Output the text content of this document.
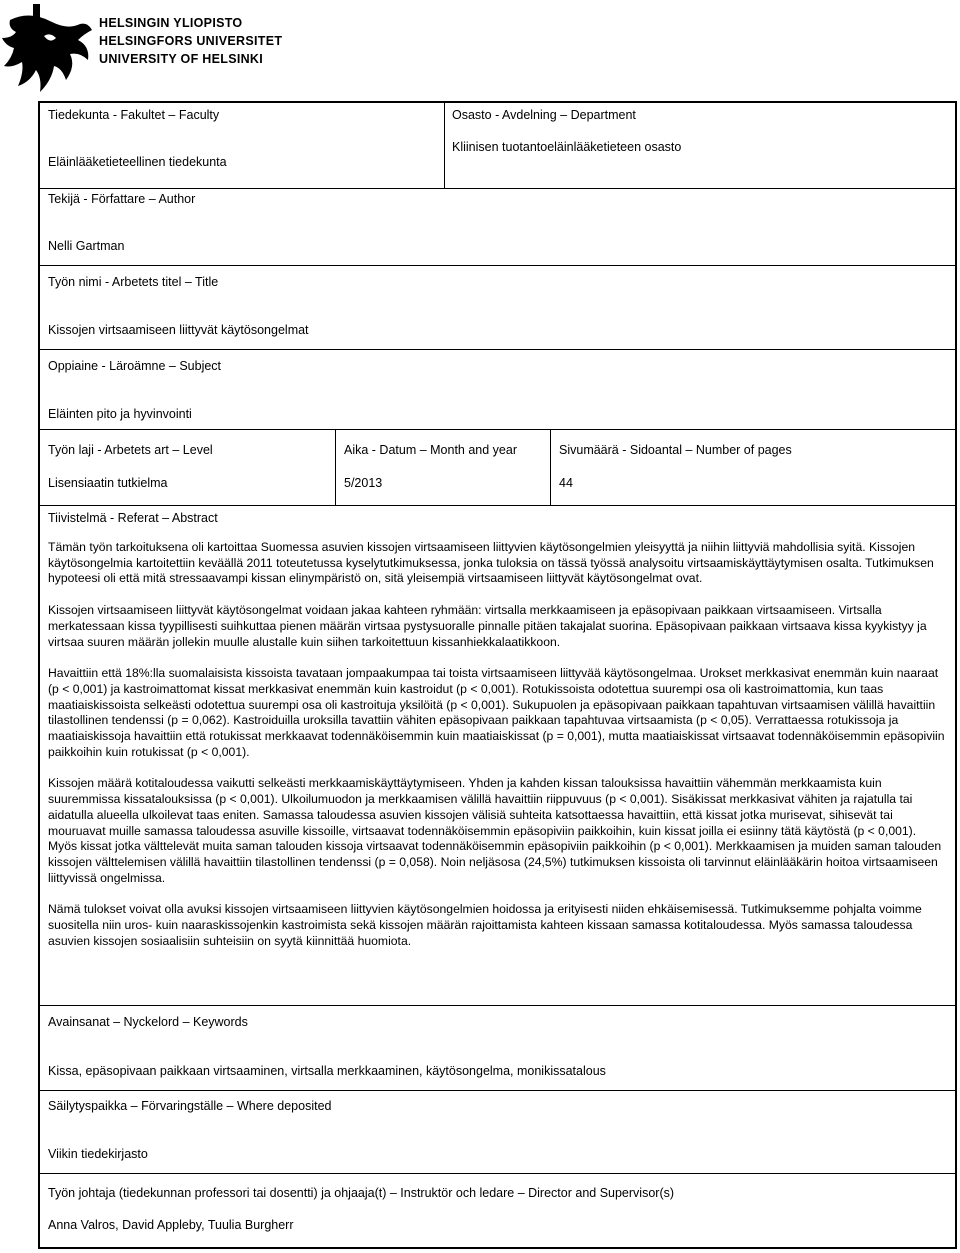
HELSINGIN YLIOPISTO
HELSINGFORS UNIVERSITET
UNIVERSITY OF HELSINKI
Tiedekunta - Fakultet – Faculty
Eläinlääketieteellinen tiedekunta
Osasto - Avdelning – Department
Kliinisen tuotantoeläinlääketieteen osasto
Tekijä - Författare – Author
Nelli Gartman
Työn nimi - Arbetets titel – Title
Kissojen virtsaamiseen liittyvät käytösongelmat
Oppiaine - Läroämne – Subject
Eläinten pito ja hyvinvointi
Työn laji - Arbetets art – Level
Lisensiaatin tutkielma
Aika - Datum – Month and year
5/2013
Sivumäärä - Sidoantal – Number of pages
44
Tiivistelmä - Referat – Abstract

Tämän työn tarkoituksena oli kartoittaa Suomessa asuvien kissojen virtsaamiseen liittyvien käytösongelmien yleisyyttä ja niihin liittyviä mahdollisia syitä. Kissojen käytösongelmia kartoitettiin keväällä 2011 toteutetussa kyselytutkimuksessa, jonka tuloksia on tässä työssä analysoitu virtsaamiskäyttäytymisen osalta. Tutkimuksen hypoteesi oli että mitä stressaavampi kissan elinympäristö on, sitä yleisempiä virtsaamiseen liittyvät käytösongelmat ovat.

Kissojen virtsaamiseen liittyvät käytösongelmat voidaan jakaa kahteen ryhmään: virtsalla merkkaamiseen ja epäsopivaan paikkaan virtsaamiseen. Virtsalla merkatessaan kissa tyypillisesti suihkuttaa pienen määrän virtsaa pystysuoralle pinnalle pitäen takajalat suorina. Epäsopivaan paikkaan virtsaava kissa kyykistyy ja virtsaa suuren määrän jollekin muulle alustalle kuin siihen tarkoitettuun kissanhiekkalaatikkoon.

Havaittiin että 18%:lla suomalaisista kissoista tavataan jompaakumpaa tai toista virtsaamiseen liittyvää käytösongelmaa. Urokset merkkasivat enemmän kuin naaraat (p < 0,001) ja kastroimattomat kissat merkkasivat enemmän kuin kastroidut (p < 0,001). Rotukissoista odotettua suurempi osa oli kastroimattomia, kun taas maatiaiskissoista selkeästi odotettua suurempi osa oli kastroituja yksilöitä (p < 0,001). Sukupuolen ja epäsopivaan paikkaan tapahtuvan virtsaamisen välillä havaittiin tilastollinen tendenssi (p = 0,062). Kastroiduilla uroksilla tavattiin vähiten epäsopivaan paikkaan tapahtuvaa virtsaamista (p < 0,05). Verrattaessa rotukissoja ja maatiaiskissoja havaittiin että rotukissat merkkaavat todennäköisemmin kuin maatiaiskissat (p = 0,001), mutta maatiaiskissat virtsaavat todennäköisemmin epäsopiviin paikkoihin kuin rotukissat (p < 0,001).

Kissojen määrä kotitaloudessa vaikutti selkeästi merkkaamiskäyttäytymiseen. Yhden ja kahden kissan talouksissa havaittiin vähemmän merkkaamista kuin suuremmissa kissatalouksissa (p < 0,001). Ulkoilumuodon ja merkkaamisen välillä havaittiin riippuvuus (p < 0,001). Sisäkissat merkkasivat vähiten ja rajatulla tai aidatulla alueella ulkoilevat taas eniten. Samassa taloudessa asuvien kissojen välisiä suhteita katsottaessa havaittiin, että kissat jotka murisevat, sihisevät tai mouruavat muille samassa taloudessa asuville kissoille, virtsaavat todennäköisemmin epäsopiviin paikkoihin, kuin kissat joilla ei esiinny tätä käytöstä (p < 0,001). Myös kissat jotka välttelevät muita saman talouden kissoja virtsaavat todennäköisemmin epäsopiviin paikkoihin (p < 0,001). Merkkaamisen ja muiden saman talouden kissojen välttelemisen välillä havaittiin tilastollinen tendenssi (p = 0,058). Noin neljäsosa (24,5%) tutkimuksen kissoista oli tarvinnut eläinlääkärin hoitoa virtsaamiseen liittyvissä ongelmissa.

Nämä tulokset voivat olla avuksi kissojen virtsaamiseen liittyvien käytösongelmien hoidossa ja erityisesti niiden ehkäisemisessä. Tutkimuksemme pohjalta voimme suositella niin uros- kuin naaraskissojenkin kastroimista sekä kissojen määrän rajoittamista kahteen kissaan samassa kotitaloudessa. Myös samassa taloudessa asuvien kissojen sosiaalisiin suhteisiin on syytä kiinnittää huomiota.

Avainsanat – Nyckelord – Keywords
Kissa, epäsopivaan paikkaan virtsaaminen, virtsalla merkkaaminen, käytösongelma, monikissatalous
Säilytyspaikka – Förvaringställe – Where deposited
Viikin tiedekirjasto
Työn johtaja (tiedekunnan professori tai dosentti) ja ohjaaja(t) – Instruktör och ledare – Director and Supervisor(s)
Anna Valros, David Appleby, Tuulia Burgherr
